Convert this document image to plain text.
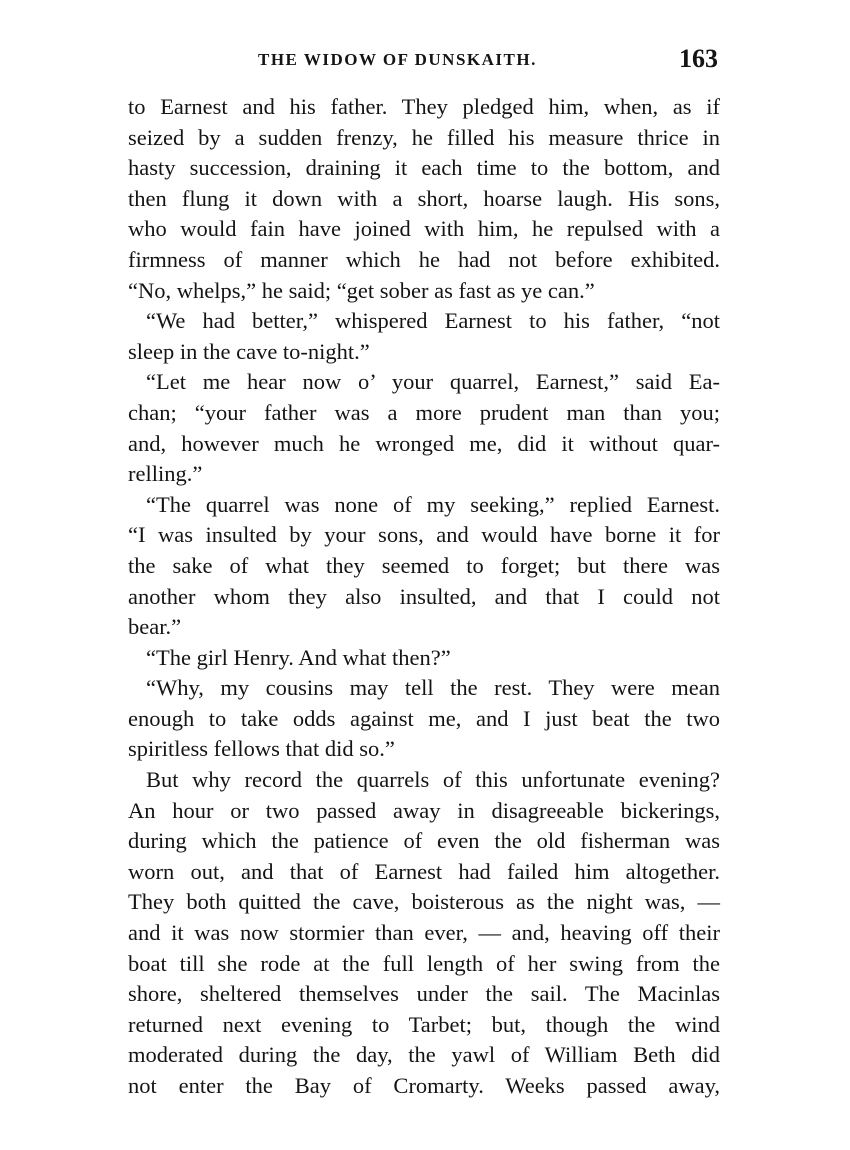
THE WIDOW OF DUNSKAITH.	163
to Earnest and his father. They pledged him, when, as if
seized by a sudden frenzy, he filled his measure thrice in
hasty succession, draining it each time to the bottom, and
then flung it down with a short, hoarse laugh. His sons,
who would fain have joined with him, he repulsed with a
firmness of manner which he had not before exhibited.
“No, whelps,” he said; “get sober as fast as ye can.”
“We had better,” whispered Earnest to his father, “not
sleep in the cave to-night.”
“Let me hear now o’ your quarrel, Earnest,” said Ea-
chan; “your father was a more prudent man than you;
and, however much he wronged me, did it without quar-
relling.”
“The quarrel was none of my seeking,” replied Earnest.
“I was insulted by your sons, and would have borne it for
the sake of what they seemed to forget; but there was
another whom they also insulted, and that I could not
bear.”
“The girl Henry. And what then?”
“Why, my cousins may tell the rest. They were mean
enough to take odds against me, and I just beat the two
spiritless fellows that did so.”
But why record the quarrels of this unfortunate evening?
An hour or two passed away in disagreeable bickerings,
during which the patience of even the old fisherman was
worn out, and that of Earnest had failed him altogether.
They both quitted the cave, boisterous as the night was, —
and it was now stormier than ever, — and, heaving off their
boat till she rode at the full length of her swing from the
shore, sheltered themselves under the sail. The Macinlas
returned next evening to Tarbet; but, though the wind
moderated during the day, the yawl of William Beth did
not enter the Bay of Cromarty. Weeks passed away,
